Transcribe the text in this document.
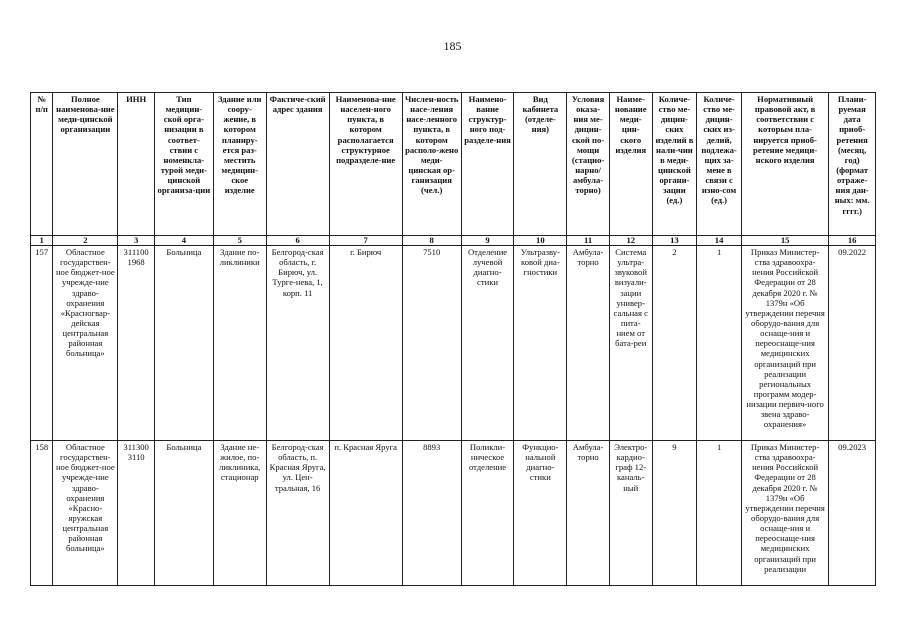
185
№ п/п	Полное наименова-ние меди-цинской организации	ИНН	Тип медицин-ской орга-низации в соответ-ствии с номенкла-турой меди-цинской организа-ции	Здание или соору-жение, в котором планиру-ется раз-местить медицин-ское изделие	Фактиче-ский адрес здания	Наименова-ние населен-ного пункта, в котором располагается структурное подразделе-ние	Числен-ность насе-ления насе-ленного пункта, в котором располо-жено меди-цинская ор-ганизация (чел.)	Наимено-вание структур-ного под-разделе-ния	Вид кабинета (отделе-ния)	Условия оказа-ния ме-дицин-ской по-мощи (стацио-нарно/ амбула-торно)	Наиме-нование меди-цин-ского изделия	Количе-ство ме-дицин-ских изделий в нали-чии в меди-цинской органи-зации (ед.)	Количе-ство ме-дицин-ских из-делий, подлежа-щих за-мене в связи с изно-сом (ед.)	Нормативный правовой акт, в соответствии с которым пла-нируется приоб-ретение медици-нского изделия	Плани-руемая дата приоб-ретения (месяц, год) (формат отраже-ния дан-ных: мм. гггг.)
1	2	3	4	5	6	7	8	9	10	11	12	13	14	15	16
157	Областное государствен-ное бюджет-ное учрежде-ние здраво-охранения «Красногвар-дейская центральная районная больница»	311100 1968	Больница	Здание по-ликлиники	Белгород-ская область, г. Бирюч, ул. Турге-нева, 1, корп. 11	г. Бирюч	7510	Отделение лучевой диагно-стики	Ультразву-ковой диа-гностики	Амбула-торно	Система ультра-звуковой визуали-зации универ-сальная с пита-нием от бата-реи	2	1	Приказ Министер-ства здравоохра-нения Российской Федерации от 28 декабря 2020 г. № 1379н «Об утверждении перечня оборудо-вания для оснаще-ния и переоснаще-ния медицинских организаций при реализации региональных программ модер-низации первич-ного звена здраво-охранения»	09.2022
158	Областное государствен-ное бюджет-ное учрежде-ние здраво-охранения «Красно-яружская центральная районная больница»	311300 3110	Больница	Здание не-жилое, по-ликлиника, стационар	Белгород-ская область, п. Красная Яруга, ул. Цен-тральная, 16	п. Красная Яруга	8893	Поликли-ническое отделение	Функцио-нальной диагно-стики	Амбула-торно	Электро-кардио-граф 12-каналь-ный	9	1	Приказ Министер-ства здравоохра-нения Российской Федерации от 28 декабря 2020 г. № 1379н «Об утверждении перечня оборудо-вания для оснаще-ния и переоснаще-ния медицинских организаций при реализации	09.2023
